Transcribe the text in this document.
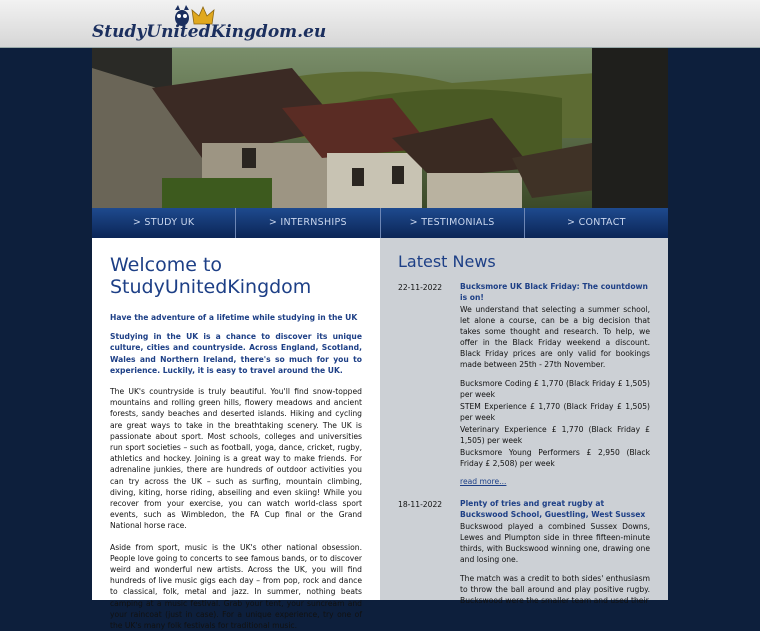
StudyUnitedKingdom.eu
> STUDY UK	> INTERNSHIPS	> TESTIMONIALS	> CONTACT
Welcome to StudyUnitedKingdom

Have the adventure of a lifetime while studying in the UK

Studying in the UK is a chance to discover its unique culture, cities and countryside. Across England, Scotland, Wales and Northern Ireland, there's so much for you to experience. Luckily, it is easy to travel around the UK.

The UK's countryside is truly beautiful. You'll find snow-topped mountains and rolling green hills, flowery meadows and ancient forests, sandy beaches and deserted islands. Hiking and cycling are great ways to take in the breathtaking scenery. The UK is passionate about sport. Most schools, colleges and universities run sport societies – such as football, yoga, dance, cricket, rugby, athletics and hockey. Joining is a great way to make friends. For adrenaline junkies, there are hundreds of outdoor activities you can try across the UK – such as surfing, mountain climbing, diving, kiting, horse riding, abseiling and even skiing! While you recover from your exercise, you can watch world-class sport events, such as Wimbledon, the FA Cup final or the Grand National horse race.

Aside from sport, music is the UK's other national obsession. People love going to concerts to see famous bands, or to discover weird and wonderful new artists. Across the UK, you will find hundreds of live music gigs each day – from pop, rock and dance to classical, folk, metal and jazz. In summer, nothing beats camping at a music festival. Grab your tent, your suncream and your raincoat (just in case). For a unique experience, try one of the UK's many folk festivals for traditional music.

Latest News
22-11-2022	Bucksmore UK Black Friday: The countdown is on!

We understand that selecting a summer school, let alone a course, can be a big decision that takes some thought and research. To help, we offer in the Black Friday weekend a discount. Black Friday prices are only valid for bookings made between 25th - 27th November.

Bucksmore Coding £ 1,770 (Black Friday £ 1,505) per week

STEM Experience £ 1,770 (Black Friday £ 1,505) per week

Veterinary Experience £ 1,770 (Black Friday £ 1,505) per week

Bucksmore Young Performers £ 2,950 (Black Friday £ 2,508) per week

read more...
18-11-2022	Plenty of tries and great rugby at Buckswood School, Guestling, West Sussex

Buckswood played a combined Sussex Downs, Lewes and Plumpton side in three fifteen-minute thirds, with Buckswood winning one, drawing one and losing one.

The match was a credit to both sides' enthusiasm to throw the ball around and play positive rugby. Buckswood were the smaller team and used their
